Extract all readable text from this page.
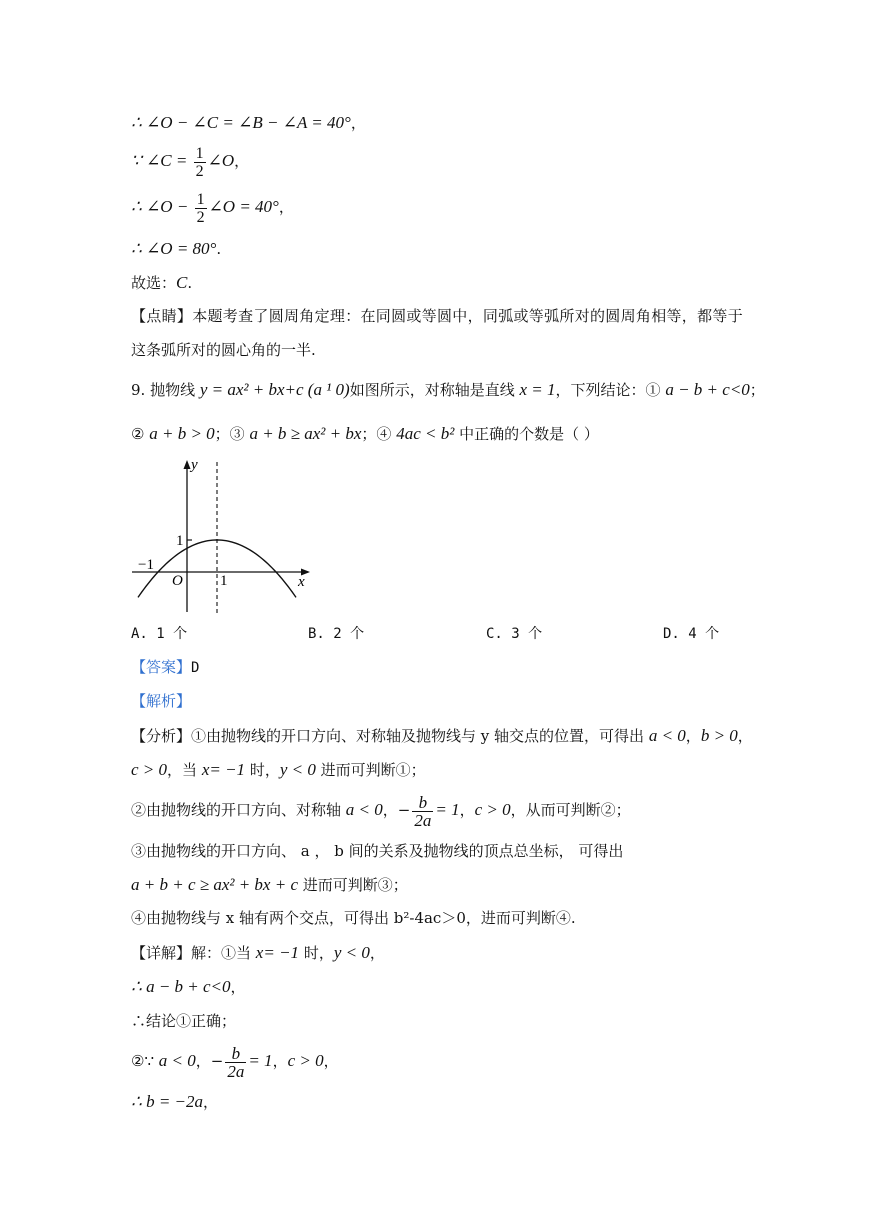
∴ ∠O − ∠C = ∠B − ∠A = 40°，
∵ ∠C = $\frac{1}{2}$ ∠O，
∴ ∠O − $\frac{1}{2}$ ∠O = 40°，
∴ ∠O = 80°.
故选：C.
【点睛】本题考查了圆周角定理：在同圆或等圆中，同弧或等弧所对的圆周角相等，都等于
这条弧所对的圆心角的一半.
9. 抛物线 y = ax² + bx+c (a ¹ 0)如图所示，对称轴是直线 x = 1，下列结论：① a − b + c<0；
② a + b > 0；③ a + b ≥ ax² + bx；④ 4ac < b² 中正确的个数是（ ）
y
x
O
1
1
−1
A. 1 个	B. 2 个	C. 3 个	D. 4 个
【答案】D
【解析】
【分析】①由抛物线的开口方向、对称轴及抛物线与 y 轴交点的位置，可得出 a < 0，b > 0，
c > 0，当 x= −1 时，y < 0 进而可判断①；
②由抛物线的开口方向、对称轴 a < 0，− $\frac{b}{2a} = 1$，c > 0，从而可判断②；
③由抛物线的开口方向、 a ， b 间的关系及抛物线的顶点总坐标， 可得出
a + b + c ≥ ax² + bx + c 进而可判断③；
④由抛物线与 x 轴有两个交点，可得出 b²-4ac＞0，进而可判断④.
【详解】解：①当 x= −1 时，y < 0，
∴ a − b + c<0，
∴结论①正确；
②∵ a < 0，− $\frac{b}{2a} = 1$，c > 0，
∴ b = −2a，
